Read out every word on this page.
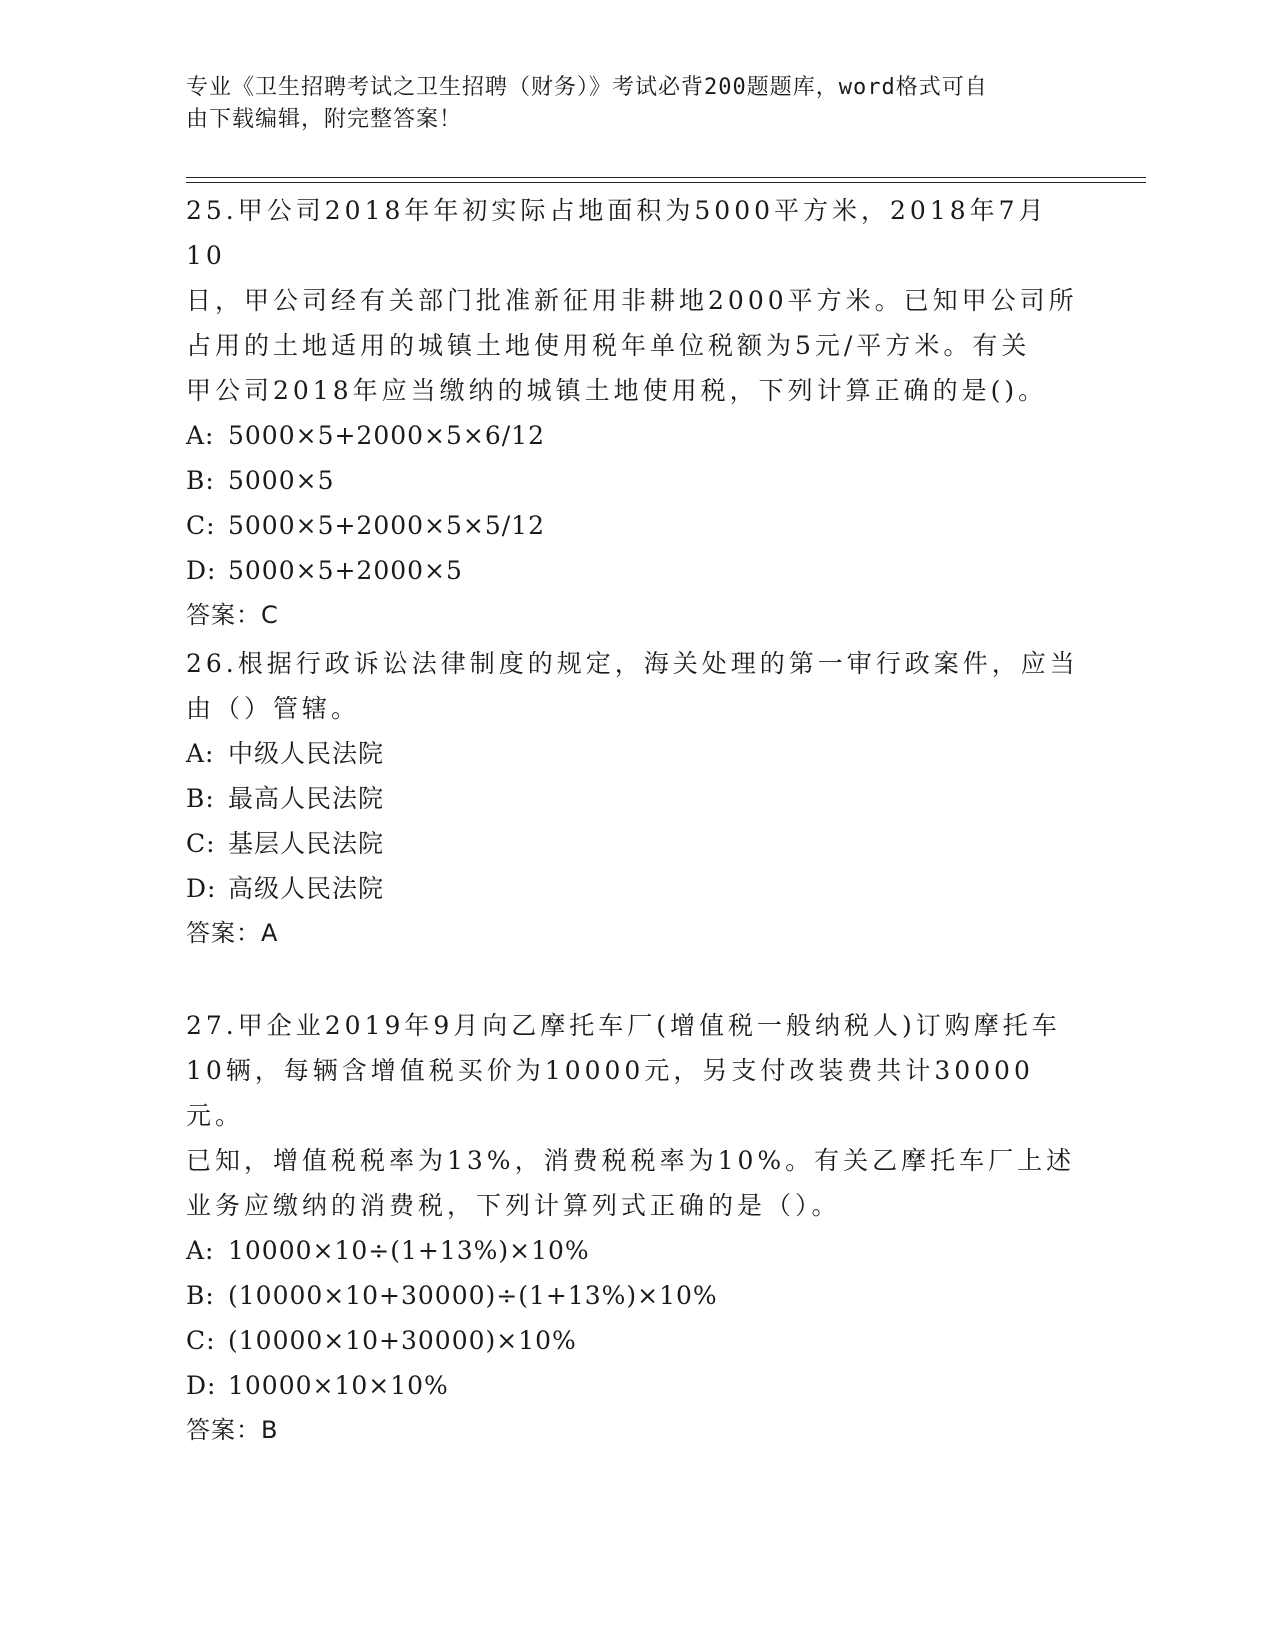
专业《卫生招聘考试之卫生招聘（财务）》考试必背200题题库，word格式可自
由下载编辑，附完整答案！

25.甲公司2018年年初实际占地面积为5000平方米，2018年7月10

日，甲公司经有关部门批准新征用非耕地2000平方米。已知甲公司所

占用的土地适用的城镇土地使用税年单位税额为5元/平方米。有关

甲公司2018年应当缴纳的城镇土地使用税，下列计算正确的是()。

A: 5000×5+2000×5×6/12

B: 5000×5

C: 5000×5+2000×5×5/12

D: 5000×5+2000×5

答案：C

26.根据行政诉讼法律制度的规定，海关处理的第一审行政案件，应当

由（）管辖。

A: 中级人民法院

B: 最高人民法院

C: 基层人民法院

D: 高级人民法院

答案：A

27.甲企业2019年9月向乙摩托车厂(增值税一般纳税人)订购摩托车

10辆，每辆含增值税买价为10000元，另支付改装费共计30000元。

已知，增值税税率为13%，消费税税率为10%。有关乙摩托车厂上述

业务应缴纳的消费税，下列计算列式正确的是（）。

A: 10000×10÷(1+13%)×10%

B: (10000×10+30000)÷(1+13%)×10%

C: (10000×10+30000)×10%

D: 10000×10×10%

答案：B
